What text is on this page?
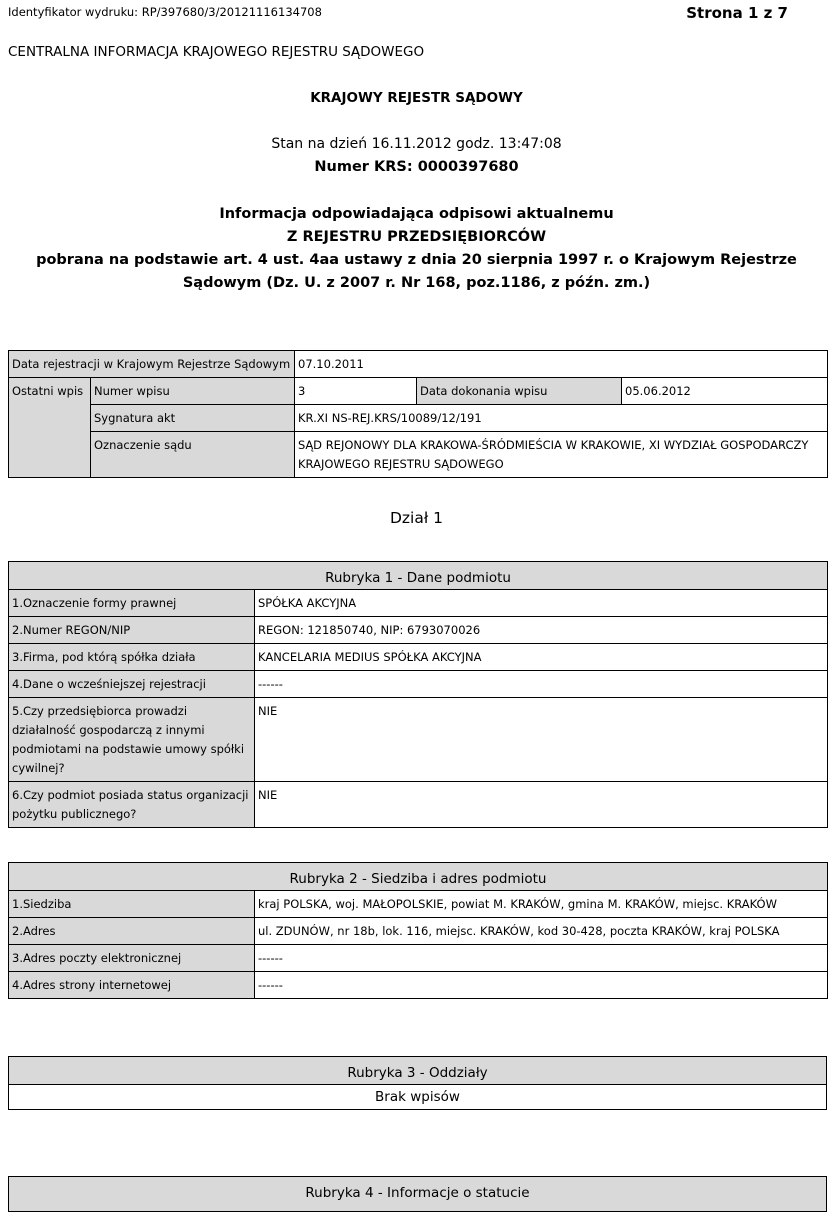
Identyfikator wydruku: RP/397680/3/20121116134708	Strona 1 z 7
CENTRALNA INFORMACJA KRAJOWEGO REJESTRU SĄDOWEGO
KRAJOWY REJESTR SĄDOWY
Stan na dzień 16.11.2012 godz. 13:47:08
Numer KRS: 0000397680
Informacja odpowiadająca odpisowi aktualnemu
Z REJESTRU PRZEDSIĘBIORCÓW
pobrana na podstawie art. 4 ust. 4aa ustawy z dnia 20 sierpnia 1997 r. o Krajowym Rejestrze
Sądowym (Dz. U. z 2007 r. Nr 168, poz.1186, z późn. zm.)
Data rejestracji w Krajowym Rejestrze Sądowym		07.10.2011		
Ostatni wpis	Numer wpisu	3	Data dokonania wpisu	05.06.2012
	Sygnatura akt	KR.XI NS-REJ.KRS/10089/12/191		
	Oznaczenie sądu	SĄD REJONOWY DLA KRAKOWA-ŚRÓDMIEŚCIA W KRAKOWIE, XI WYDZIAŁ GOSPODARCZY KRAJOWEGO REJESTRU SĄDOWEGO		
Dział 1
Rubryka 1 - Dane podmiotu	
1.Oznaczenie formy prawnej	SPÓŁKA AKCYJNA
2.Numer REGON/NIP	REGON: 121850740, NIP: 6793070026
3.Firma, pod którą spółka działa	KANCELARIA MEDIUS SPÓŁKA AKCYJNA
4.Dane o wcześniejszej rejestracji	------
5.Czy przedsiębiorca prowadzi działalność gospodarczą z innymi podmiotami na podstawie umowy spółki cywilnej?	NIE
6.Czy podmiot posiada status organizacji pożytku publicznego?	NIE
Rubryka 2 - Siedziba i adres podmiotu	
1.Siedziba	kraj POLSKA, woj. MAŁOPOLSKIE, powiat M. KRAKÓW, gmina M. KRAKÓW, miejsc. KRAKÓW
2.Adres	ul. ZDUNÓW, nr 18b, lok. 116, miejsc. KRAKÓW, kod 30-428, poczta KRAKÓW, kraj POLSKA
3.Adres poczty elektronicznej	------
4.Adres strony internetowej	------
Rubryka 3 - Oddziały
Brak wpisów
Rubryka 4 - Informacje o statucie
